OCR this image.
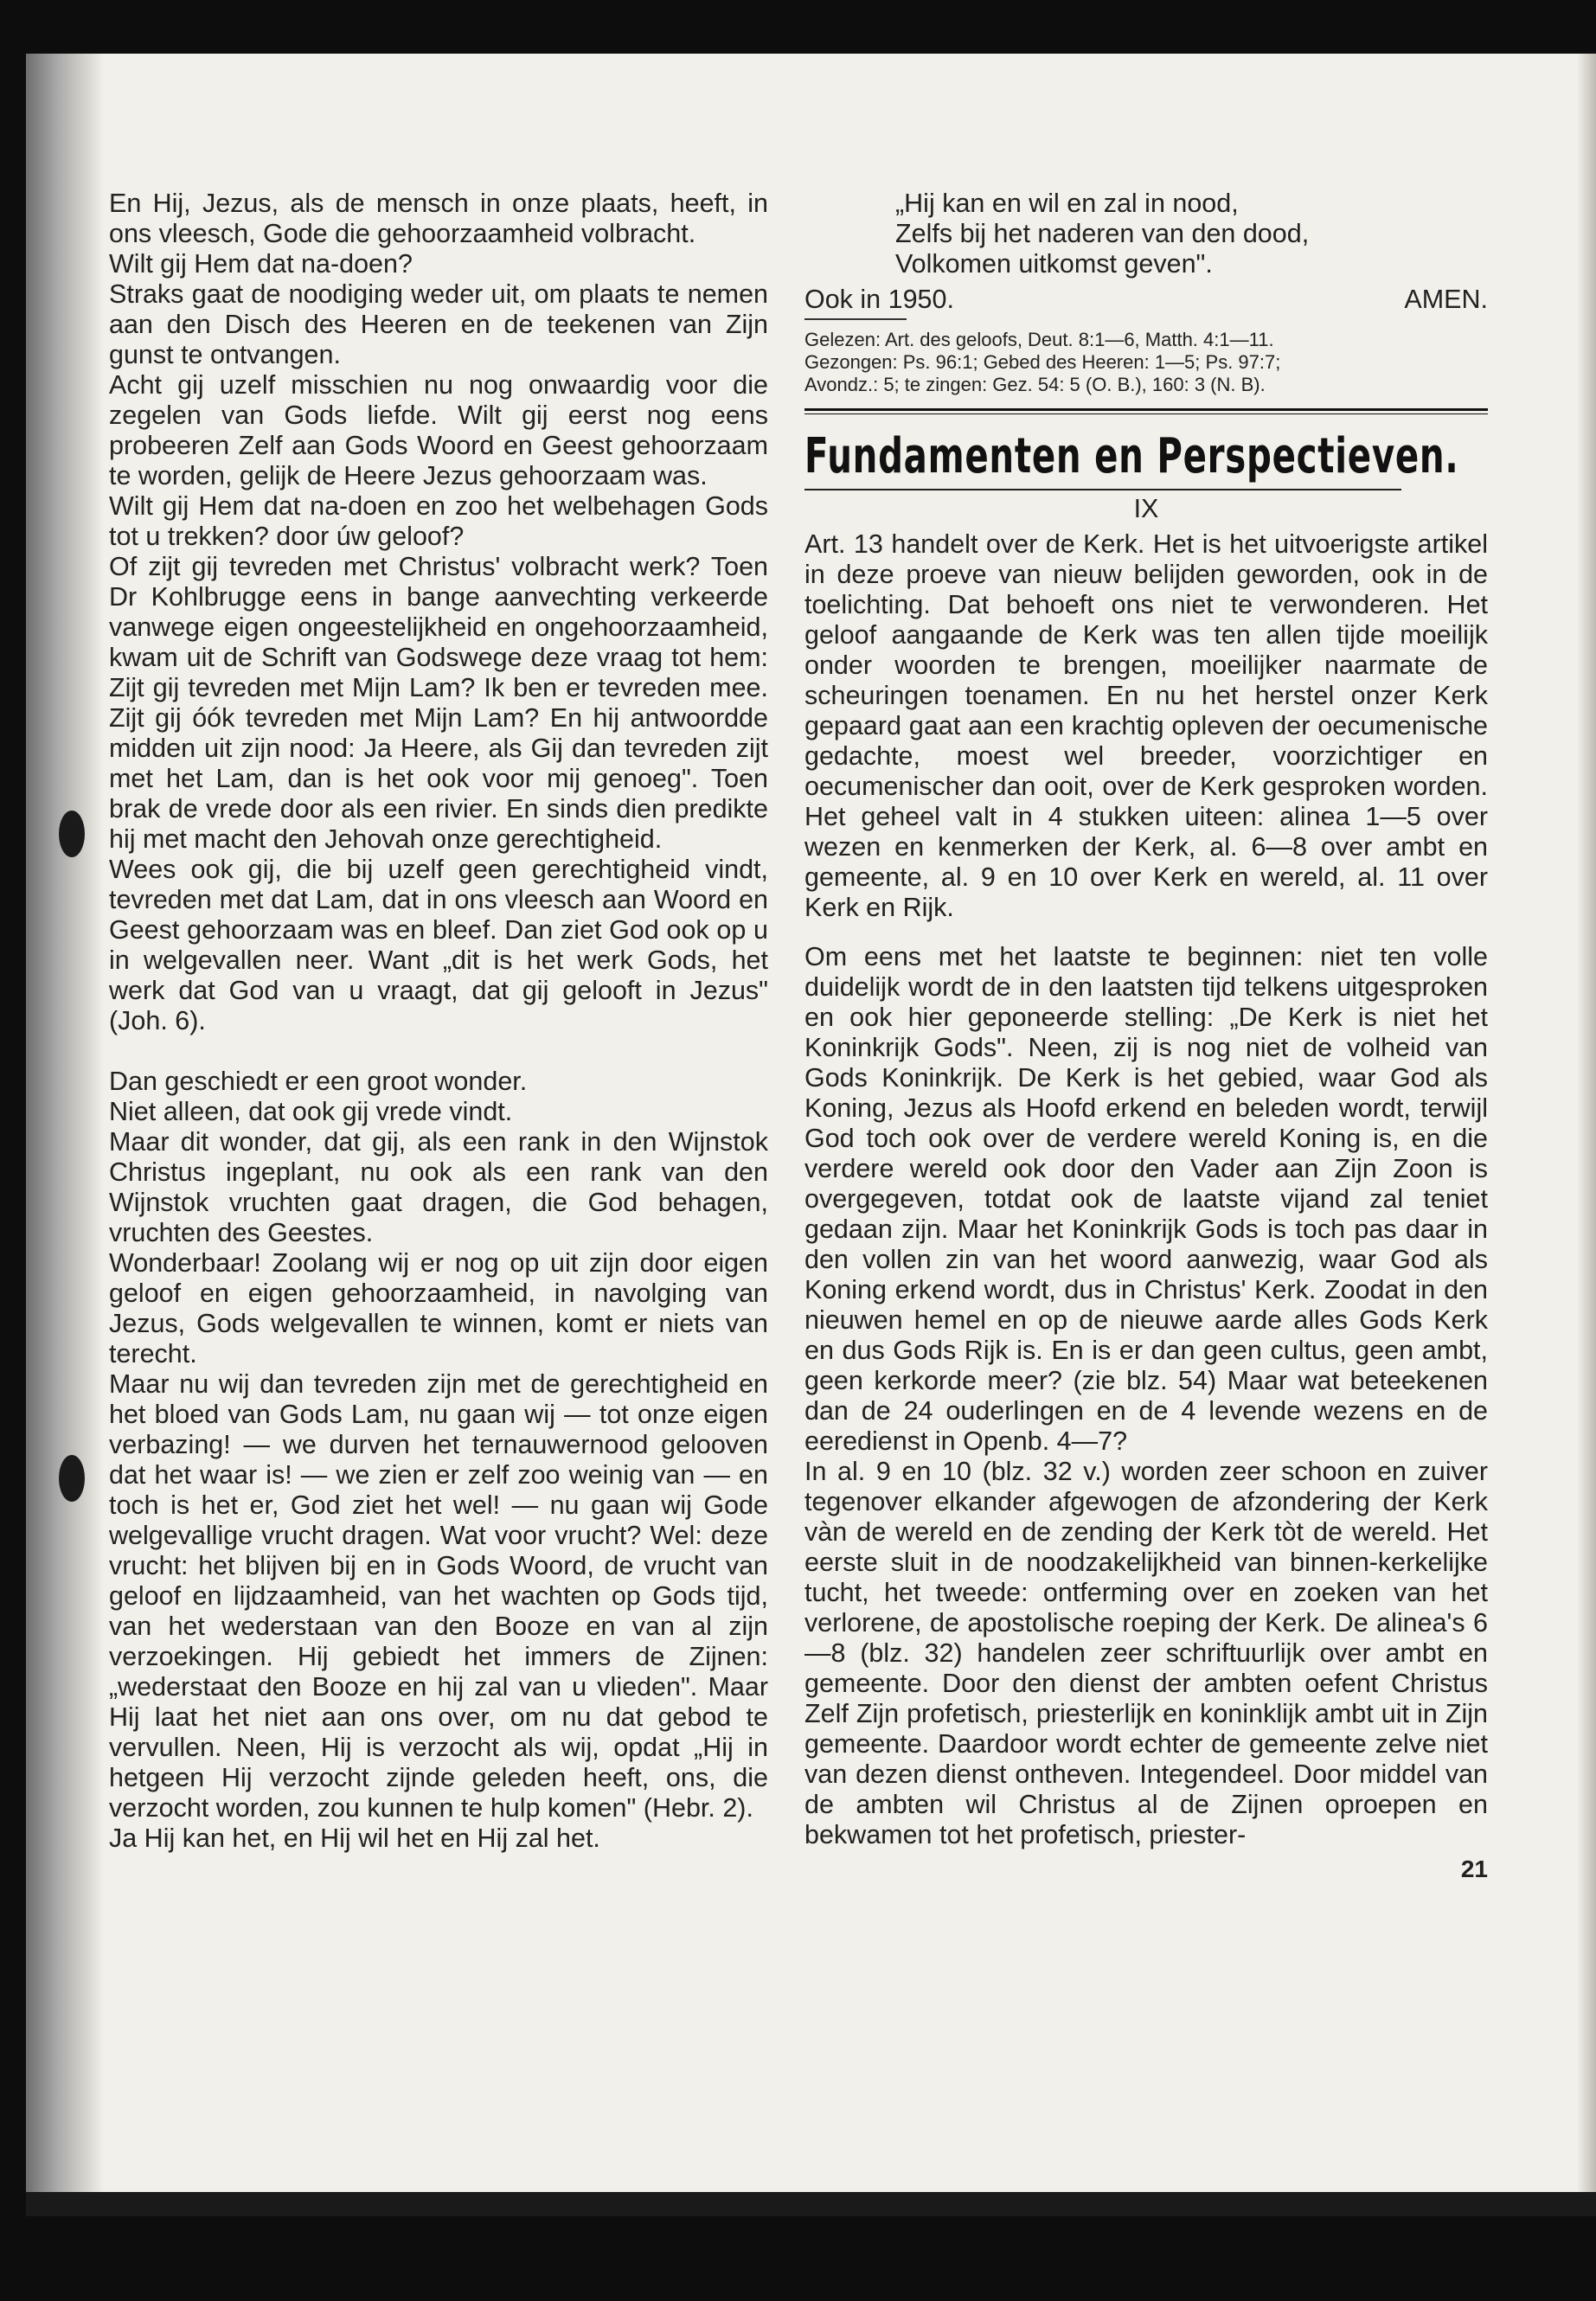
En Hij, Jezus, als de mensch in onze plaats, heeft, in ons vleesch, Gode die gehoorzaamheid volbracht.

Wilt gij Hem dat na-doen?

Straks gaat de noodiging weder uit, om plaats te nemen aan den Disch des Heeren en de teekenen van Zijn gunst te ontvangen.

Acht gij uzelf misschien nu nog onwaardig voor die zegelen van Gods liefde. Wilt gij eerst nog eens probeeren Zelf aan Gods Woord en Geest gehoorzaam te worden, gelijk de Heere Jezus gehoorzaam was.

Wilt gij Hem dat na-doen en zoo het welbehagen Gods tot u trekken? door úw geloof?

Of zijt gij tevreden met Christus' volbracht werk? Toen Dr Kohlbrugge eens in bange aanvechting verkeerde vanwege eigen ongeestelijkheid en ongehoorzaamheid, kwam uit de Schrift van Godswege deze vraag tot hem: Zijt gij tevreden met Mijn Lam? Ik ben er tevreden mee. Zijt gij óók tevreden met Mijn Lam? En hij antwoordde midden uit zijn nood: Ja Heere, als Gij dan tevreden zijt met het Lam, dan is het ook voor mij genoeg". Toen brak de vrede door als een rivier. En sinds dien predikte hij met macht den Jehovah onze gerechtigheid.

Wees ook gij, die bij uzelf geen gerechtigheid vindt, tevreden met dat Lam, dat in ons vleesch aan Woord en Geest gehoorzaam was en bleef. Dan ziet God ook op u in welgevallen neer. Want „dit is het werk Gods, het werk dat God van u vraagt, dat gij gelooft in Jezus" (Joh. 6).

Dan geschiedt er een groot wonder.

Niet alleen, dat ook gij vrede vindt.

Maar dit wonder, dat gij, als een rank in den Wijnstok Christus ingeplant, nu ook als een rank van den Wijnstok vruchten gaat dragen, die God behagen, vruchten des Geestes.

Wonderbaar! Zoolang wij er nog op uit zijn door eigen geloof en eigen gehoorzaamheid, in navolging van Jezus, Gods welgevallen te winnen, komt er niets van terecht.

Maar nu wij dan tevreden zijn met de gerechtigheid en het bloed van Gods Lam, nu gaan wij — tot onze eigen verbazing! — we durven het ternauwernood gelooven dat het waar is! — we zien er zelf zoo weinig van — en toch is het er, God ziet het wel! — nu gaan wij Gode welgevallige vrucht dragen. Wat voor vrucht? Wel: deze vrucht: het blijven bij en in Gods Woord, de vrucht van geloof en lijdzaamheid, van het wachten op Gods tijd, van het wederstaan van den Booze en van al zijn verzoekingen. Hij gebiedt het immers de Zijnen: „wederstaat den Booze en hij zal van u vlieden". Maar Hij laat het niet aan ons over, om nu dat gebod te vervullen. Neen, Hij is verzocht als wij, opdat „Hij in hetgeen Hij verzocht zijnde geleden heeft, ons, die verzocht worden, zou kunnen te hulp komen" (Hebr. 2).

Ja Hij kan het, en Hij wil het en Hij zal het.

„Hij kan en wil en zal in nood,
Zelfs bij het naderen van den dood,
Volkomen uitkomst geven".
Ook in 1950.	AMEN.
Gelezen: Art. des geloofs, Deut. 8:1—6, Matth. 4:1—11.
Gezongen: Ps. 96:1; Gebed des Heeren: 1—5; Ps. 97:7;
Avondz.: 5; te zingen: Gez. 54: 5 (O. B.), 160: 3 (N. B).
Fundamenten en Perspectieven.
IX

Art. 13 handelt over de Kerk. Het is het uitvoerigste artikel in deze proeve van nieuw belijden geworden, ook in de toelichting. Dat behoeft ons niet te verwonderen. Het geloof aangaande de Kerk was ten allen tijde moeilijk onder woorden te brengen, moeilijker naarmate de scheuringen toenamen. En nu het herstel onzer Kerk gepaard gaat aan een krachtig opleven der oecumenische gedachte, moest wel breeder, voorzichtiger en oecumenischer dan ooit, over de Kerk gesproken worden. Het geheel valt in 4 stukken uiteen: alinea 1—5 over wezen en kenmerken der Kerk, al. 6—8 over ambt en gemeente, al. 9 en 10 over Kerk en wereld, al. 11 over Kerk en Rijk.

Om eens met het laatste te beginnen: niet ten volle duidelijk wordt de in den laatsten tijd telkens uitgesproken en ook hier geponeerde stelling: „De Kerk is niet het Koninkrijk Gods". Neen, zij is nog niet de volheid van Gods Koninkrijk. De Kerk is het gebied, waar God als Koning, Jezus als Hoofd erkend en beleden wordt, terwijl God toch ook over de verdere wereld Koning is, en die verdere wereld ook door den Vader aan Zijn Zoon is overgegeven, totdat ook de laatste vijand zal teniet gedaan zijn. Maar het Koninkrijk Gods is toch pas daar in den vollen zin van het woord aanwezig, waar God als Koning erkend wordt, dus in Christus' Kerk. Zoodat in den nieuwen hemel en op de nieuwe aarde alles Gods Kerk en dus Gods Rijk is. En is er dan geen cultus, geen ambt, geen kerkorde meer? (zie blz. 54) Maar wat beteekenen dan de 24 ouderlingen en de 4 levende wezens en de eeredienst in Openb. 4—7?

In al. 9 en 10 (blz. 32 v.) worden zeer schoon en zuiver tegenover elkander afgewogen de afzondering der Kerk vàn de wereld en de zending der Kerk tòt de wereld. Het eerste sluit in de noodzakelijkheid van binnen-kerkelijke tucht, het tweede: ontferming over en zoeken van het verlorene, de apostolische roeping der Kerk. De alinea's 6—8 (blz. 32) handelen zeer schriftuurlijk over ambt en gemeente. Door den dienst der ambten oefent Christus Zelf Zijn profetisch, priesterlijk en koninklijk ambt uit in Zijn gemeente. Daardoor wordt echter de gemeente zelve niet van dezen dienst ontheven. Integendeel. Door middel van de ambten wil Christus al de Zijnen oproepen en bekwamen tot het profetisch, priester-

21
